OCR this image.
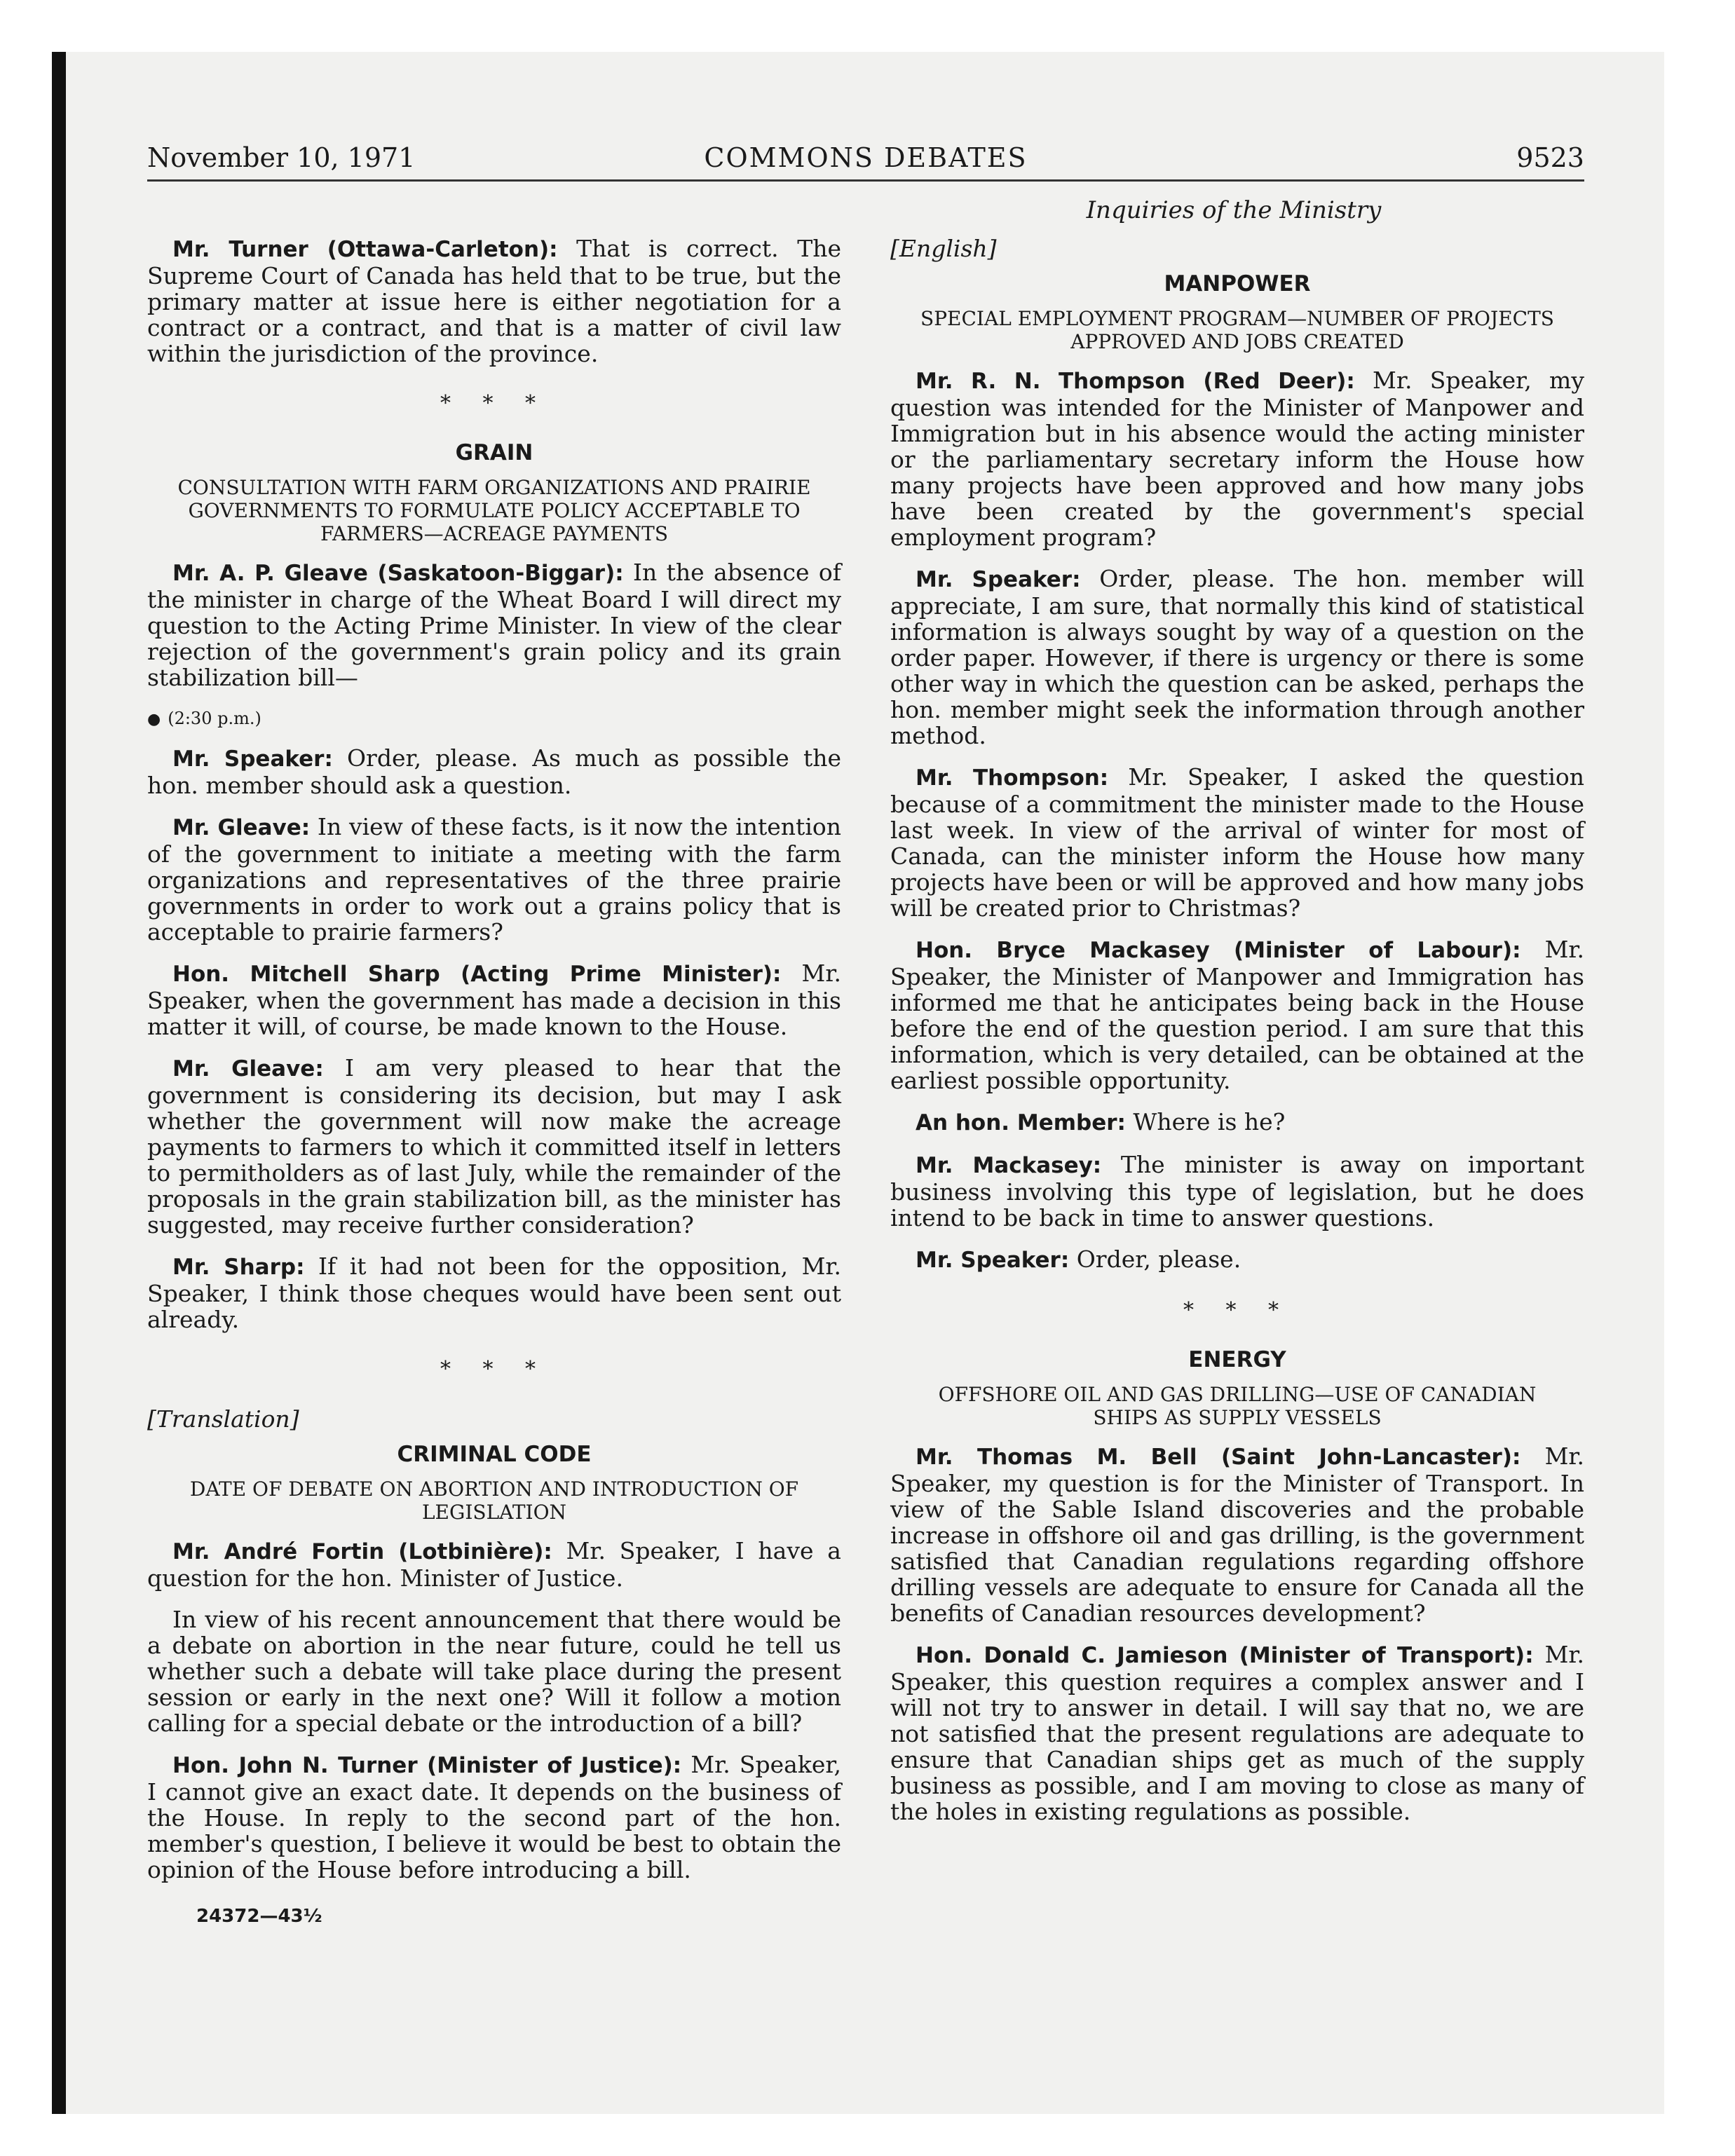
November 10, 1971	COMMONS DEBATES	9523
Inquiries of the Ministry

Mr. Turner (Ottawa-Carleton): That is correct. The Supreme Court of Canada has held that to be true, but the primary matter at issue here is either negotiation for a contract or a contract, and that is a matter of civil law within the jurisdiction of the province.

* * *
GRAIN
CONSULTATION WITH FARM ORGANIZATIONS AND PRAIRIE GOVERNMENTS TO FORMULATE POLICY ACCEPTABLE TO FARMERS—ACREAGE PAYMENTS

Mr. A. P. Gleave (Saskatoon-Biggar): In the absence of the minister in charge of the Wheat Board I will direct my question to the Acting Prime Minister. In view of the clear rejection of the government's grain policy and its grain stabilization bill—

● (2:30 p.m.)

Mr. Speaker: Order, please. As much as possible the hon. member should ask a question.

Mr. Gleave: In view of these facts, is it now the intention of the government to initiate a meeting with the farm organizations and representatives of the three prairie governments in order to work out a grains policy that is acceptable to prairie farmers?

Hon. Mitchell Sharp (Acting Prime Minister): Mr. Speaker, when the government has made a decision in this matter it will, of course, be made known to the House.

Mr. Gleave: I am very pleased to hear that the government is considering its decision, but may I ask whether the government will now make the acreage payments to farmers to which it committed itself in letters to permitholders as of last July, while the remainder of the proposals in the grain stabilization bill, as the minister has suggested, may receive further consideration?

Mr. Sharp: If it had not been for the opposition, Mr. Speaker, I think those cheques would have been sent out already.

* * *
[Translation]
CRIMINAL CODE
DATE OF DEBATE ON ABORTION AND INTRODUCTION OF LEGISLATION

Mr. André Fortin (Lotbinière): Mr. Speaker, I have a question for the hon. Minister of Justice.

In view of his recent announcement that there would be a debate on abortion in the near future, could he tell us whether such a debate will take place during the present session or early in the next one? Will it follow a motion calling for a special debate or the introduction of a bill?

Hon. John N. Turner (Minister of Justice): Mr. Speaker, I cannot give an exact date. It depends on the business of the House. In reply to the second part of the hon. member's question, I believe it would be best to obtain the opinion of the House before introducing a bill.

24372—43½
[English]
MANPOWER
SPECIAL EMPLOYMENT PROGRAM—NUMBER OF PROJECTS APPROVED AND JOBS CREATED

Mr. R. N. Thompson (Red Deer): Mr. Speaker, my question was intended for the Minister of Manpower and Immigration but in his absence would the acting minister or the parliamentary secretary inform the House how many projects have been approved and how many jobs have been created by the government's special employment program?

Mr. Speaker: Order, please. The hon. member will appreciate, I am sure, that normally this kind of statistical information is always sought by way of a question on the order paper. However, if there is urgency or there is some other way in which the question can be asked, perhaps the hon. member might seek the information through another method.

Mr. Thompson: Mr. Speaker, I asked the question because of a commitment the minister made to the House last week. In view of the arrival of winter for most of Canada, can the minister inform the House how many projects have been or will be approved and how many jobs will be created prior to Christmas?

Hon. Bryce Mackasey (Minister of Labour): Mr. Speaker, the Minister of Manpower and Immigration has informed me that he anticipates being back in the House before the end of the question period. I am sure that this information, which is very detailed, can be obtained at the earliest possible opportunity.

An hon. Member: Where is he?

Mr. Mackasey: The minister is away on important business involving this type of legislation, but he does intend to be back in time to answer questions.

Mr. Speaker: Order, please.

* * *
ENERGY
OFFSHORE OIL AND GAS DRILLING—USE OF CANADIAN SHIPS AS SUPPLY VESSELS

Mr. Thomas M. Bell (Saint John-Lancaster): Mr. Speaker, my question is for the Minister of Transport. In view of the Sable Island discoveries and the probable increase in offshore oil and gas drilling, is the government satisfied that Canadian regulations regarding offshore drilling vessels are adequate to ensure for Canada all the benefits of Canadian resources development?

Hon. Donald C. Jamieson (Minister of Transport): Mr. Speaker, this question requires a complex answer and I will not try to answer in detail. I will say that no, we are not satisfied that the present regulations are adequate to ensure that Canadian ships get as much of the supply business as possible, and I am moving to close as many of the holes in existing regulations as possible.
